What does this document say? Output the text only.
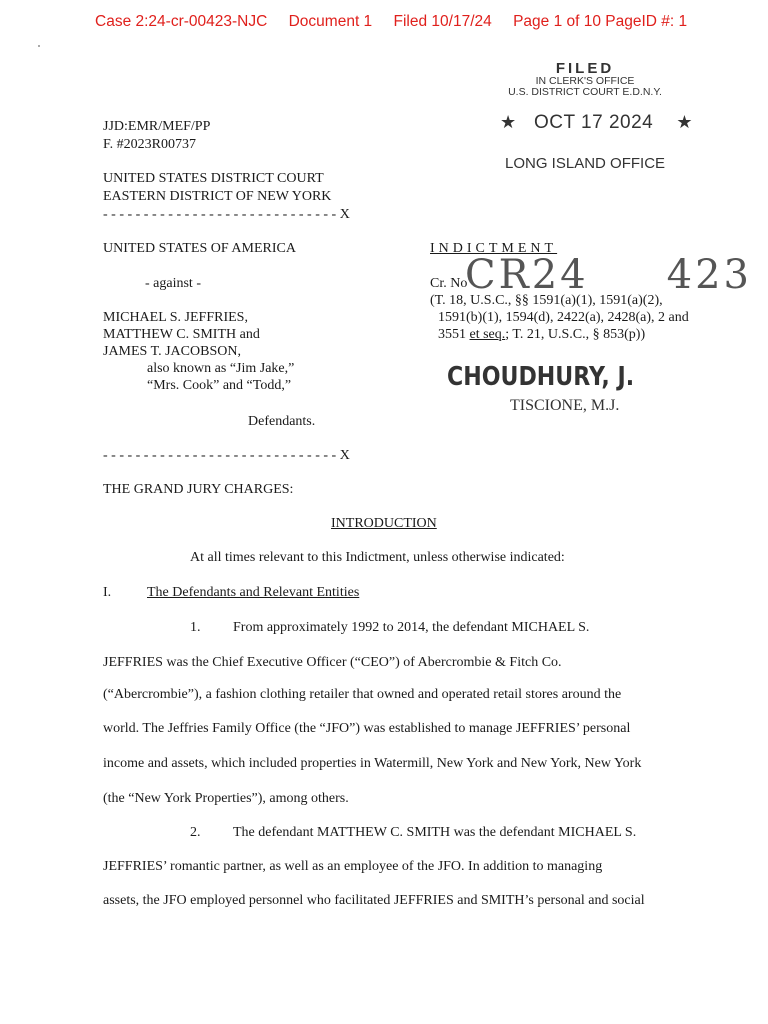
Case 2:24-cr-00423-NJC Document 1 Filed 10/17/24 Page 1 of 10 PageID #: 1
FILED
IN CLERK'S OFFICE
U.S. DISTRICT COURT E.D.N.Y.
★ OCT 17 2024 ★
LONG ISLAND OFFICE
JJD:EMR/MEF/PP
F. #2023R00737
UNITED STATES DISTRICT COURT
EASTERN DISTRICT OF NEW YORK
- - - - - - - - - - - - - - - - - - - - - - - - - - - - - X
UNITED STATES OF AMERICA
- against -
MICHAEL S. JEFFRIES,
MATTHEW C. SMITH and
JAMES T. JACOBSON,
also known as “Jim Jake,”
“Mrs. Cook” and “Todd,”
Defendants.
- - - - - - - - - - - - - - - - - - - - - - - - - - - - - X
INDICTMENT
Cr. No
CR24 423
(T. 18, U.S.C., §§ 1591(a)(1), 1591(a)(2),
1591(b)(1), 1594(d), 2422(a), 2428(a), 2 and
3551 et seq.; T. 21, U.S.C., § 853(p))
CHOUDHURY, J.
TISCIONE, M.J.
THE GRAND JURY CHARGES:
INTRODUCTION
At all times relevant to this Indictment, unless otherwise indicated:
I.	The Defendants and Relevant Entities
1. From approximately 1992 to 2014, the defendant MICHAEL S.
JEFFRIES was the Chief Executive Officer (“CEO”) of Abercrombie & Fitch Co.
(“Abercrombie”), a fashion clothing retailer that owned and operated retail stores around the
world. The Jeffries Family Office (the “JFO”) was established to manage JEFFRIES’ personal
income and assets, which included properties in Watermill, New York and New York, New York
(the “New York Properties”), among others.
2. The defendant MATTHEW C. SMITH was the defendant MICHAEL S.
JEFFRIES’ romantic partner, as well as an employee of the JFO. In addition to managing
assets, the JFO employed personnel who facilitated JEFFRIES and SMITH’s personal and social
